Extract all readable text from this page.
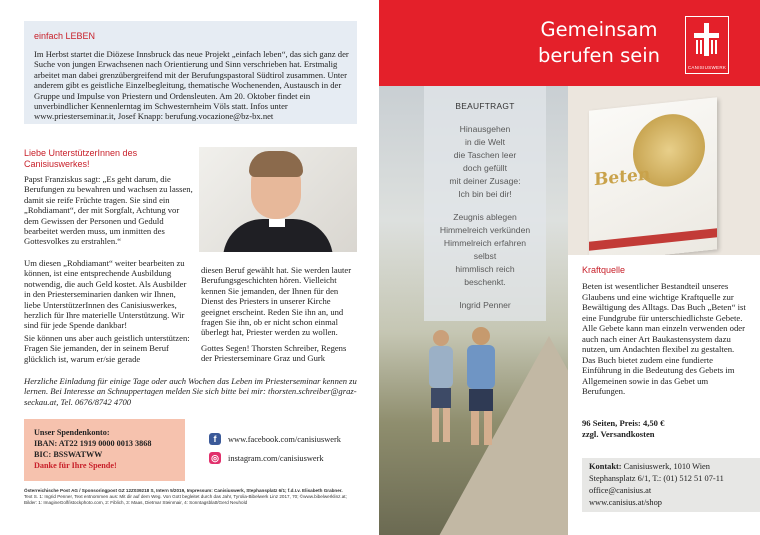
einfach LEBEN

Im Herbst startet die Diözese Innsbruck das neue Projekt „einfach leben“, das sich ganz der Suche von jungen Erwachsenen nach Orientierung und Sinn verschrieben hat. Erstmalig arbeitet man dabei grenzübergreifend mit der Berufungspastoral Südtirol zusammen. Unter anderem gibt es geistliche Einzelbegleitung, thematische Wochenenden, Austausch in der Gruppe und Impulse von Priestern und Ordensleuten. Am 20. Oktober findet ein unverbindlicher Kennenlerntag im Schwesternheim Völs statt. Infos unter www.priesterseminar.it, Josef Knapp: berufung.vocazione@bz-bx.net

Liebe UnterstützerInnen des Canisiuswerkes!

Papst Franziskus sagt: „Es geht darum, die Berufungen zu bewahren und wachsen zu lassen, damit sie reife Früchte tragen. Sie sind ein „Rohdiamant“, der mit Sorgfalt, Achtung vor dem Gewissen der Personen und Geduld bearbeitet werden muss, um inmitten des Gottesvolkes zu erstrahlen.“

Um diesen „Rohdiamant“ weiter bearbeiten zu können, ist eine entsprechende Ausbildung notwendig, die auch Geld kostet. Als Ausbilder in den Priesterseminarien danken wir Ihnen, liebe UnterstützerInnen des Canisiuswerkes, herzlich für Ihre materielle Unterstützung. Wir sind für jede Spende dankbar!

Sie können uns aber auch geistlich unterstützen: Fragen Sie jemanden, der in seinem Beruf glücklich ist, warum er/sie gerade

diesen Beruf gewählt hat. Sie werden lauter Berufungsgeschichten hören. Vielleicht kennen Sie jemanden, der Ihnen für den Dienst des Priesters in unserer Kirche geeignet erscheint. Reden Sie ihn an, und fragen Sie ihn, ob er nicht schon einmal überlegt hat, Priester werden zu wollen.

Gottes Segen! Thorsten Schreiber, Regens der Priesterseminare Graz und Gurk

Herzliche Einladung für einige Tage oder auch Wochen das Leben im Priesterseminar kennen zu lernen. Bei Interesse an Schnuppertagen melden Sie sich bitte bei mir: thorsten.schreiber@graz-seckau.at, Tel. 0676/8742 4700

Unser Spendenkonto:
IBAN: AT22 1919 0000 0013 3868
BIC: BSSWATWW
Danke für Ihre Spende!
f	www.facebook.com/canisiuswerk
◎ instagram.com/canisiuswerk
Österreichische Post AG / Sponsoringpost GZ 12Z039218 S, Intern 5/2019, Impressum: Canisiuswerk, Stephansplatz 6/1; f.d.I.v. Elisabeth Grabner.
Text S. 1: Ingrid Penner, Text entnommen aus: Mit dir auf dem Weg. Von Gott begleitet durch das Jahr, Tyrolia-Bibelwerk Linz 2017, 70; ©www.bibelwerklinz.at;
Bilder: 1: ImagineGolf/istockphoto.com, 2: Fiblich, 3: Maas, Dietmar Steinmair, 4: Sonntagsblatt/Gerd Neuhold
Gemeinsam
berufen sein
CANISIUSWERK
BEAUFTRAGT
Hinausgehen
in die Welt
die Taschen leer
doch gefüllt
mit deiner Zusage:
Ich bin bei dir!
Zeugnis ablegen
Himmelreich verkünden
Himmelreich erfahren
selbst
himmlisch reich
beschenkt.
Ingrid Penner
Beten
Kraftquelle

Beten ist wesentlicher Bestandteil unseres Glaubens und eine wichtige Kraftquelle zur Bewältigung des Alltags. Das Buch „Beten“ ist eine Fundgrube für unterschiedlichste Gebete. Alle Gebete kann man einzeln verwenden oder auch nach einer Art Baukastensystem dazu nutzen, um Andachten flexibel zu gestalten. Das Buch bietet zudem eine fundierte Einführung in die Bedeutung des Gebets im Allgemeinen sowie in das Gebet um Berufungen.

96 Seiten, Preis: 4,50 €
zzgl. Versandkosten
Kontakt: Canisiuswerk, 1010 Wien
Stephansplatz 6/1, T.: (01) 512 51 07-11
office@canisius.at
www.canisius.at/shop
